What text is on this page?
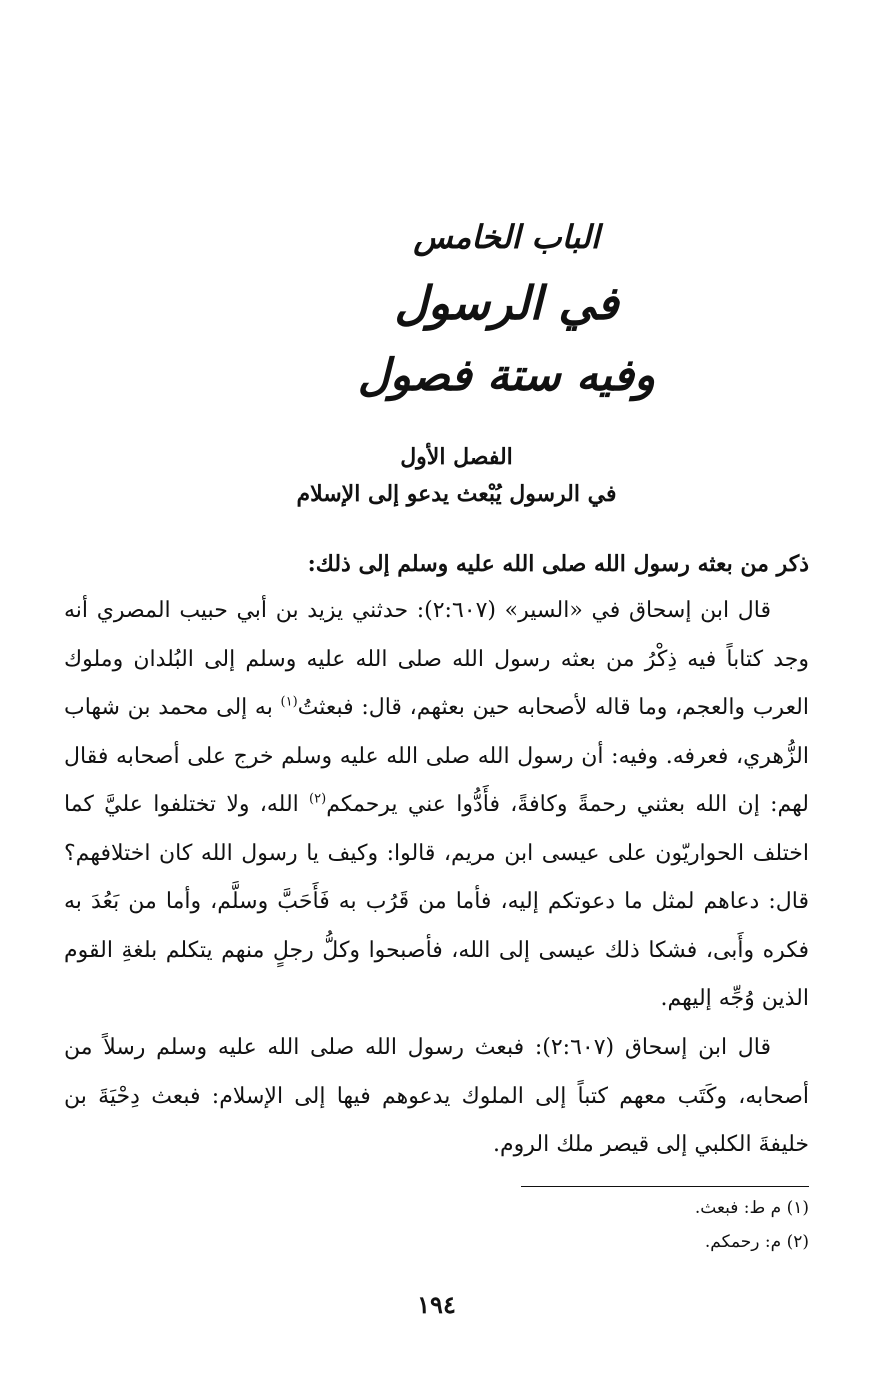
الباب الخامس
في الرسول
وفيه ستة فصول
الفصل الأول
في الرسول يُبْعث يدعو إلى الإسلام
ذكر من بعثه رسول الله صلى الله عليه وسلم إلى ذلك:
قال ابن إسحاق في «السير» (٢:٦٠٧): حدثني يزيد بن أبي حبيب المصري أنه وجد كتاباً فيه ذِكْرُ من بعثه رسول الله صلى الله عليه وسلم إلى البُلدان وملوك العرب والعجم، وما قاله لأصحابه حين بعثهم، قال: فبعثتُ$^{(١)}$ به إلى محمد بن شهاب الزُّهري، فعرفه. وفيه: أن رسول الله صلى الله عليه وسلم خرج على أصحابه فقال لهم: إن الله بعثني رحمةً وكافةً، فأَدُّوا عني يرحمكم$^{(٢)}$ الله، ولا تختلفوا عليَّ كما اختلف الحواريّون على عيسى ابن مريم، قالوا: وكيف يا رسول الله كان اختلافهم؟ قال: دعاهم لمثل ما دعوتكم إليه، فأما من قَرُب به فَأَحَبَّ وسلَّم، وأما من بَعُدَ به فكره وأَبى، فشكا ذلك عيسى إلى الله، فأصبحوا وكلُّ رجلٍ منهم يتكلم بلغةِ القوم الذين وُجِّه إليهم.
قال ابن إسحاق (٢:٦٠٧): فبعث رسول الله صلى الله عليه وسلم رسلاً من أصحابه، وكَتَب معهم كتباً إلى الملوك يدعوهم فيها إلى الإسلام: فبعث دِحْيَةَ بن خليفةَ الكلبي إلى قيصر ملك الروم.
(١) م ط: فبعث.
(٢) م: رحمكم.
١٩٤
